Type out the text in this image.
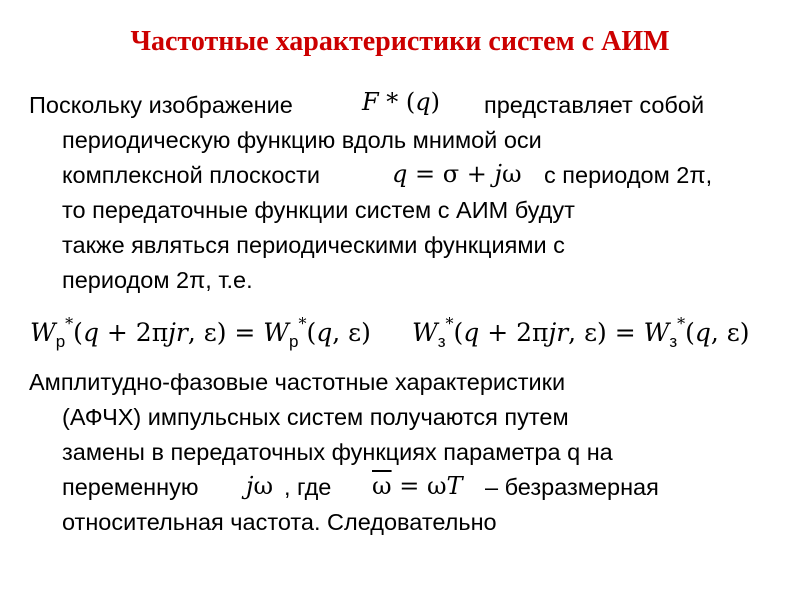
Частотные характеристики систем с АИМ
Поскольку изображение	F * (q) представляет собой
периодическую функцию вдоль мнимой оси
комплексной плоскости	q = σ + jω с периодом 2π,
то передаточные функции систем с АИМ будут
также являться периодическими функциями с
периодом 2π, т.е.
$W_р^*(q + 2\pi jr$, $\varepsilon) = W_р^*(q$, ε) $W_з^*(q + 2\pi jr$, $\varepsilon) = W_з^*(q$, ε)
Амплитудно-фазовые частотные характеристики
(АФЧХ) импульсных систем получаются путем
замены в передаточных функциях параметра q на
переменную	jω , где	$\overline{\omega} = \omega T$ – безразмерная
относительная частота. Следовательно
